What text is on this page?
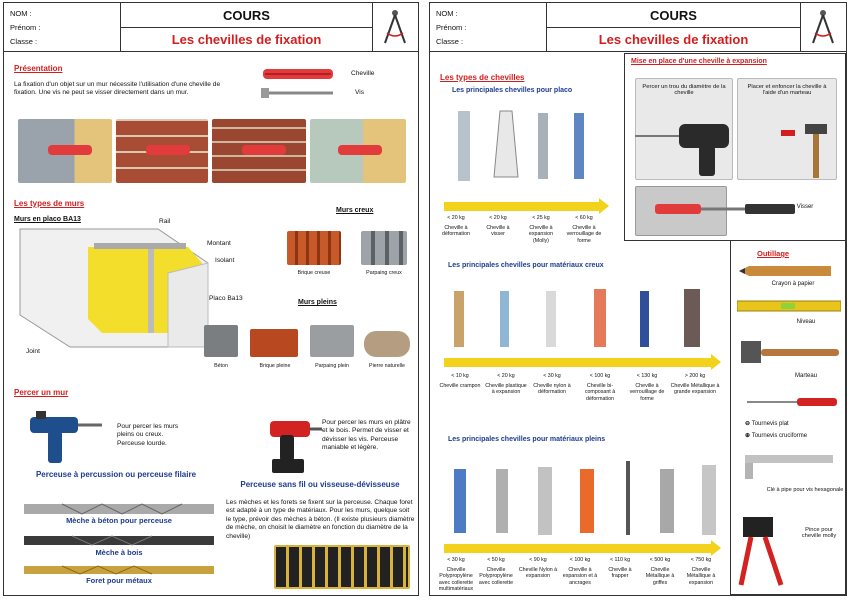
NOM :
Prénom :
Classe :
COURS
Les chevilles de fixation
Présentation
La fixation d'un objet sur un mur nécessite l'utilisation d'une cheville de fixation. Une vis ne peut se visser directement dans un mur.
Cheville
Vis
Les types de murs
Murs en placo BA13	Rail
Montant
Isolant
Placo Ba13
Joint
Murs creux
Brique creuse	Parpaing creux
Murs pleins
Béton	Brique pleine	Parpaing plein	Pierre naturelle
Percer un mur
Pour percer les murs pleins ou creux. Perceuse lourde.
Perceuse à percussion ou perceuse filaire
Pour percer les murs en plâtre et le bois. Permet de visser et dévisser les vis. Perceuse maniable et légère.
Perceuse sans fil ou visseuse-dévisseuse
Mèche à béton pour perceuse
Mèche à bois
Foret pour métaux
Les mèches et les forets se fixent sur la perceuse. Chaque foret est adapté à un type de matériaux. Pour les murs, quelque soit le type, prévoir des mèches à béton. (Il existe plusieurs diamètre de mèche, on choisit le diamètre en fonction du diamètre de la cheville)
NOM :
Prénom :
Classe :
COURS
Les chevilles de fixation
Les types de chevilles
Les principales chevilles pour placo
< 20 kg
Cheville à déformation
< 20 kg
Cheville à visser
< 25 kg
Cheville à expansion (Molly)
< 60 kg
Cheville à verrouillage de forme
Les principales chevilles pour matériaux creux
< 10 kg
Cheville crampon
< 20 kg
Cheville plastique à expansion
< 30 kg
Cheville nylon à déformation
< 100 kg
Cheville bi-composant à déformation
< 130 kg
Cheville à verrouillage de forme
> 200 kg
Cheville Métallique à grande expansion
Les principales chevilles pour matériaux pleins
< 30 kg
Cheville Polypropylène avec collerette multimatériaux
< 50 kg
Cheville Polypropylène avec collerette
< 90 kg
Cheville Nylon à expansion
< 100 kg
Cheville à expansion et à ancrages
< 110 kg
Cheville à frapper
< 500 kg
Cheville Métallique à griffes
< 750 kg
Cheville Métallique à expansion
Mise en place d'une cheville à expansion
Percer un trou du diamètre de la cheville
Placer et enfoncer la cheville à l'aide d'un marteau
Visser
Outillage
Crayon à papier
Niveau
Marteau
⊖ Tournevis plat
⊕ Tournevis cruciforme
Clé à pipe pour vis hexagonale
Pince pour cheville molly
